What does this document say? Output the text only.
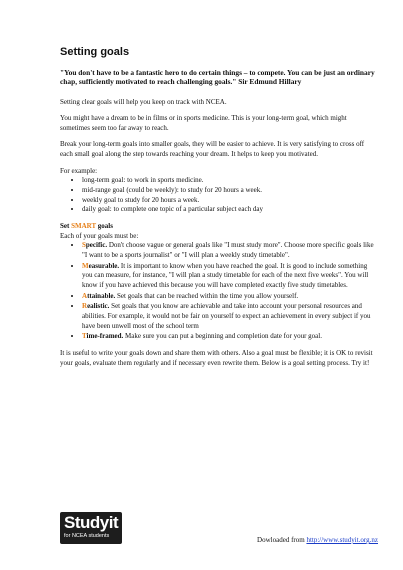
Setting goals

"You don't have to be a fantastic hero to do certain things – to compete. You can be just an ordinary chap, sufficiently motivated to reach challenging goals." Sir Edmund Hillary

Setting clear goals will help you keep on track with NCEA.

You might have a dream to be in films or in sports medicine. This is your long-term goal, which might sometimes seem too far away to reach.

Break your long-term goals into smaller goals, they will be easier to achieve. It is very satisfying to cross off each small goal along the step towards reaching your dream. It helps to keep you motivated.

For example:

• long-term goal: to work in sports medicine.
• mid-range goal (could be weekly): to study for 20 hours a week.
• weekly goal to study for 20 hours a week.
• daily goal: to complete one topic of a particular subject each day

Set SMART goals

Each of your goals must be:

• Specific. Don't choose vague or general goals like "I must study more". Choose more specific goals like "I want to be a sports journalist" or "I will plan a weekly study timetable".
• Measurable. It is important to know when you have reached the goal. It is good to include something you can measure, for instance, "I will plan a study timetable for each of the next five weeks". You will know if you have achieved this because you will have completed exactly five study timetables.
• Attainable. Set goals that can be reached within the time you allow yourself.
• Realistic. Set goals that you know are achievable and take into account your personal resources and abilities. For example, it would not be fair on yourself to expect an achievement in every subject if you have been unwell most of the school term
• Time-framed. Make sure you can put a beginning and completion date for your goal.

It is useful to write your goals down and share them with others. Also a goal must be flexible; it is OK to revisit your goals, evaluate them regularly and if necessary even rewrite them. Below is a goal setting process. Try it!

Studyit
for NCEA students	Dowloaded from http://www.studyit.org.nz
